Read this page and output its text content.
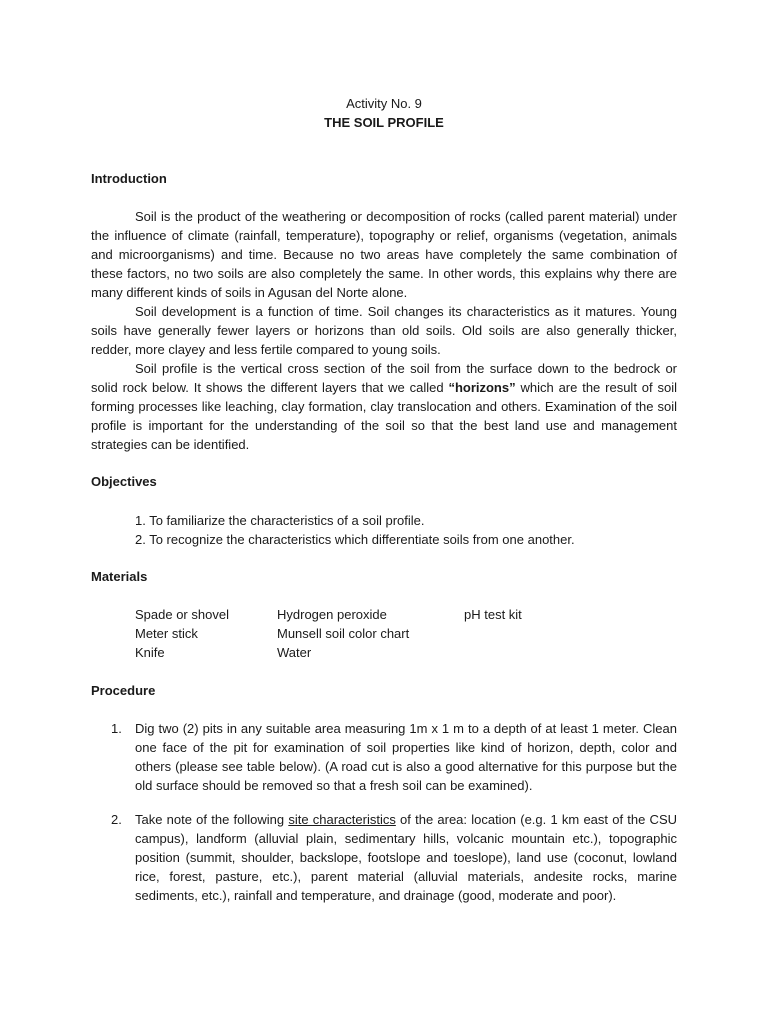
Activity No. 9
THE SOIL PROFILE
Introduction

Soil is the product of the weathering or decomposition of rocks (called parent material) under the influence of climate (rainfall, temperature), topography or relief, organisms (vegetation, animals and microorganisms) and time. Because no two areas have completely the same combination of these factors, no two soils are also completely the same. In other words, this explains why there are many different kinds of soils in Agusan del Norte alone.

Soil development is a function of time. Soil changes its characteristics as it matures. Young soils have generally fewer layers or horizons than old soils. Old soils are also generally thicker, redder, more clayey and less fertile compared to young soils.

Soil profile is the vertical cross section of the soil from the surface down to the bedrock or solid rock below. It shows the different layers that we called “horizons” which are the result of soil forming processes like leaching, clay formation, clay translocation and others. Examination of the soil profile is important for the understanding of the soil so that the best land use and management strategies can be identified.

Objectives
1. To familiarize the characteristics of a soil profile.
2. To recognize the characteristics which differentiate soils from one another.
Materials
Spade or shovel	Hydrogen peroxide	pH test kit
Meter stick	Munsell soil color chart
Knife	Water
Procedure
1. Dig two (2) pits in any suitable area measuring 1m x 1 m to a depth of at least 1 meter. Clean one face of the pit for examination of soil properties like kind of horizon, depth, color and others (please see table below). (A road cut is also a good alternative for this purpose but the old surface should be removed so that a fresh soil can be examined).
2. Take note of the following site characteristics of the area: location (e.g. 1 km east of the CSU campus), landform (alluvial plain, sedimentary hills, volcanic mountain etc.), topographic position (summit, shoulder, backslope, footslope and toeslope), land use (coconut, lowland rice, forest, pasture, etc.), parent material (alluvial materials, andesite rocks, marine sediments, etc.), rainfall and temperature, and drainage (good, moderate and poor).
